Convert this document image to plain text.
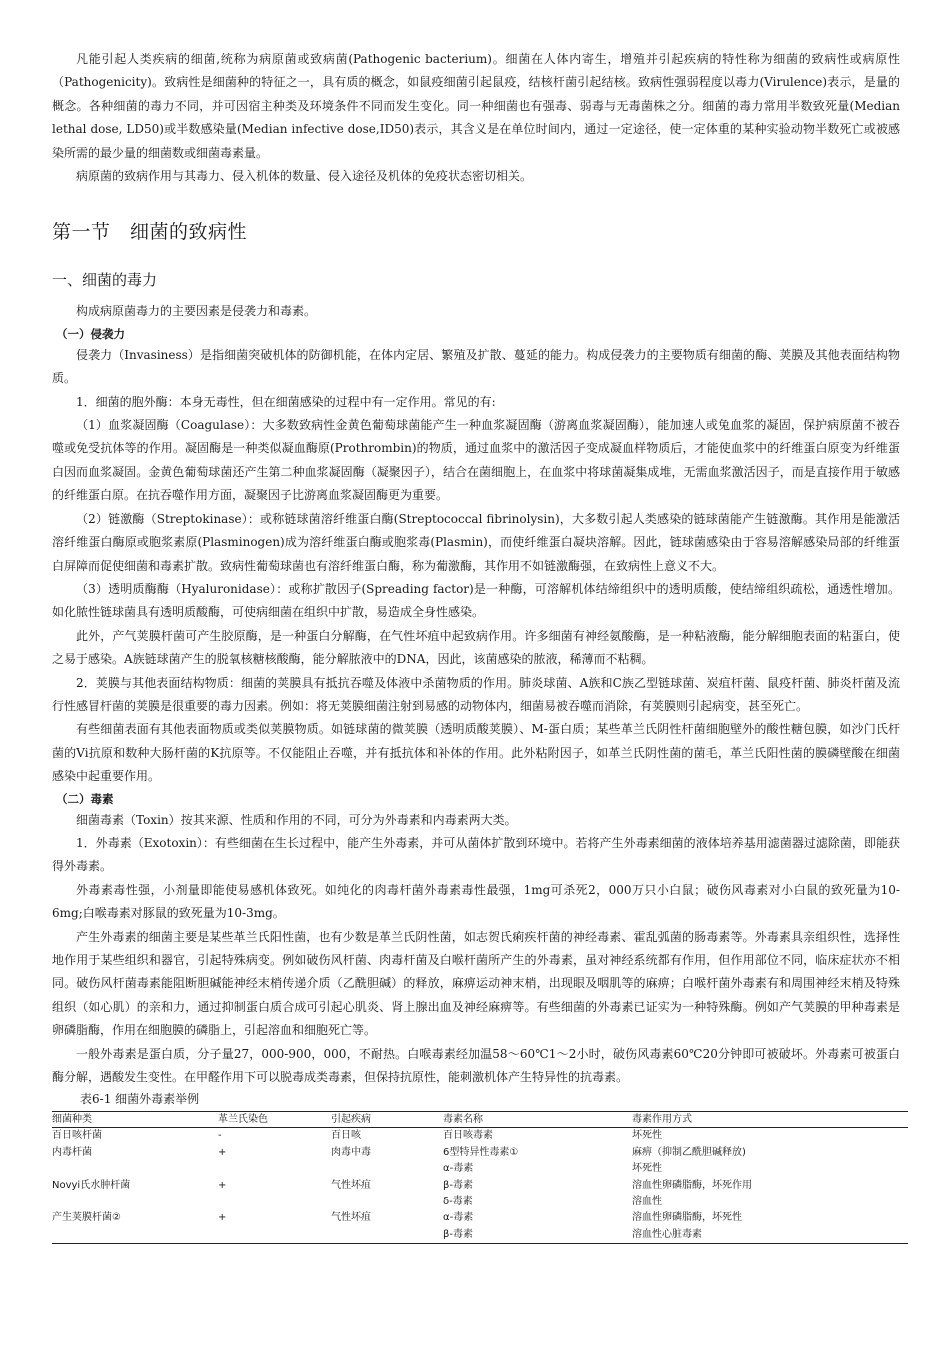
凡能引起人类疾病的细菌,统称为病原菌或致病菌(Pathogenic bacterium)。细菌在人体内寄生，增殖并引起疾病的特性称为细菌的致病性或病原性（Pathogenicity)。致病性是细菌种的特征之一，具有质的概念，如鼠疫细菌引起鼠疫，结核杆菌引起结核。致病性强弱程度以毒力(Virulence)表示，是量的概念。各种细菌的毒力不同，并可因宿主种类及环境条件不同而发生变化。同一种细菌也有强毒、弱毒与无毒菌株之分。细菌的毒力常用半数致死量(Median lethal dose, LD50)或半数感染量(Median infective dose,ID50)表示，其含义是在单位时间内，通过一定途径，使一定体重的某种实验动物半数死亡或被感染所需的最少量的细菌数或细菌毒素量。

病原菌的致病作用与其毒力、侵入机体的数量、侵入途径及机体的免疫状态密切相关。

第一节　细菌的致病性
一、细菌的毒力

构成病原菌毒力的主要因素是侵袭力和毒素。

（一）侵袭力

侵袭力（Invasiness）是指细菌突破机体的防御机能，在体内定居、繁殖及扩散、蔓延的能力。构成侵袭力的主要物质有细菌的酶、荚膜及其他表面结构物质。

1．细菌的胞外酶：本身无毒性，但在细菌感染的过程中有一定作用。常见的有:

（1）血浆凝固酶（Coagulase）：大多数致病性金黄色葡萄球菌能产生一种血浆凝固酶（游离血浆凝固酶），能加速人或兔血浆的凝固，保护病原菌不被吞噬或免受抗体等的作用。凝固酶是一种类似凝血酶原(Prothrombin)的物质，通过血浆中的激活因子变成凝血样物质后，才能使血浆中的纤维蛋白原变为纤维蛋白因而血浆凝固。金黄色葡萄球菌还产生第二种血浆凝固酶（凝聚因子），结合在菌细胞上，在血浆中将球菌凝集成堆，无需血浆激活因子，而是直接作用于敏感的纤维蛋白原。在抗吞噬作用方面，凝聚因子比游离血浆凝固酶更为重要。

（2）链激酶（Streptokinase）：或称链球菌溶纤维蛋白酶(Streptococcal fibrinolysin)，大多数引起人类感染的链球菌能产生链激酶。其作用是能激活溶纤维蛋白酶原或胞浆素原(Plasminogen)成为溶纤维蛋白酶或胞浆毒(Plasmin)，而使纤维蛋白凝块溶解。因此，链球菌感染由于容易溶解感染局部的纤维蛋白屏障而促使细菌和毒素扩散。致病性葡萄球菌也有溶纤维蛋白酶，称为葡激酶，其作用不如链激酶强，在致病性上意义不大。

（3）透明质酶酶（Hyaluronidase）：或称扩散因子(Spreading factor)是一种酶，可溶解机体结缔组织中的透明质酸，使结缔组织疏松，通透性增加。如化脓性链球菌具有透明质酸酶，可使病细菌在组织中扩散，易造成全身性感染。

此外，产气荚膜杆菌可产生胶原酶，是一种蛋白分解酶，在气性坏疽中起致病作用。许多细菌有神经氨酸酶，是一种粘液酶，能分解细胞表面的粘蛋白，使之易于感染。A族链球菌产生的脱氧核糖核酸酶，能分解脓液中的DNA，因此，该菌感染的脓液，稀薄而不粘稠。

2．荚膜与其他表面结构物质：细菌的荚膜具有抵抗吞噬及体液中杀菌物质的作用。肺炎球菌、A族和C族乙型链球菌、炭疽杆菌、鼠疫杆菌、肺炎杆菌及流行性感冒杆菌的荚膜是很重要的毒力因素。例如：将无荚膜细菌注射到易感的动物体内，细菌易被吞噬而消除，有荚膜则引起病变，甚至死亡。

有些细菌表面有其他表面物质或类似荚膜物质。如链球菌的微荚膜（透明质酸荚膜）、M-蛋白质；某些革兰氏阴性杆菌细胞壁外的酸性糖包膜，如沙门氏杆菌的Vi抗原和数种大肠杆菌的K抗原等。不仅能阻止吞噬，并有抵抗体和补体的作用。此外粘附因子，如革兰氏阴性菌的菌毛，革兰氏阳性菌的膜磷壁酸在细菌感染中起重要作用。

（二）毒素

细菌毒素（Toxin）按其来源、性质和作用的不同，可分为外毒素和内毒素两大类。

1．外毒素（Exotoxin）：有些细菌在生长过程中，能产生外毒素，并可从菌体扩散到环境中。若将产生外毒素细菌的液体培养基用滤菌器过滤除菌，即能获得外毒素。

外毒素毒性强，小剂量即能使易感机体致死。如纯化的肉毒杆菌外毒素毒性最强，1mg可杀死2，000万只小白鼠；破伤风毒素对小白鼠的致死量为10-6mg;白喉毒素对豚鼠的致死量为10-3mg。

产生外毒素的细菌主要是某些革兰氏阳性菌，也有少数是革兰氏阴性菌，如志贺氏痢疾杆菌的神经毒素、霍乱弧菌的肠毒素等。外毒素具亲组织性，选择性地作用于某些组织和器官，引起特殊病变。例如破伤风杆菌、肉毒杆菌及白喉杆菌所产生的外毒素，虽对神经系统都有作用，但作用部位不同，临床症状亦不相同。破伤风杆菌毒素能阻断胆碱能神经末梢传递介质（乙酰胆碱）的释放，麻痹运动神末梢，出现眼及咽肌等的麻痹；白喉杆菌外毒素有和周围神经末梢及特殊组织（如心肌）的亲和力，通过抑制蛋白质合成可引起心肌炎、肾上腺出血及神经麻痹等。有些细菌的外毒素已证实为一种特殊酶。例如产气荚膜的甲种毒素是卵磷脂酶，作用在细胞膜的磷脂上，引起溶血和细胞死亡等。

一般外毒素是蛋白质，分子量27，000-900，000，不耐热。白喉毒素经加温58～60℃1～2小时，破伤风毒素60℃20分钟即可被破坏。外毒素可被蛋白酶分解，遇酸发生变性。在甲醛作用下可以脱毒成类毒素，但保持抗原性，能刺激机体产生特异性的抗毒素。

表6-1 细菌外毒素举例
细菌种类	革兰氏染色	引起疾病	毒素名称	毒素作用方式
百日咳杆菌	-	百日咳	百日咳毒素	坏死性
内毒杆菌	+	肉毒中毒	6型特异性毒素①	麻痹（抑制乙酰胆碱释放)
			α-毒素	坏死性
Novyi氏水肿杆菌	+	气性坏疽	β-毒素	溶血性卵磷脂酶，坏死作用
			δ-毒素	溶血性
产生荚膜杆菌②	+	气性坏疽	α-毒素	溶血性卵磷脂酶，坏死性
			β-毒素	溶血性心脏毒素
